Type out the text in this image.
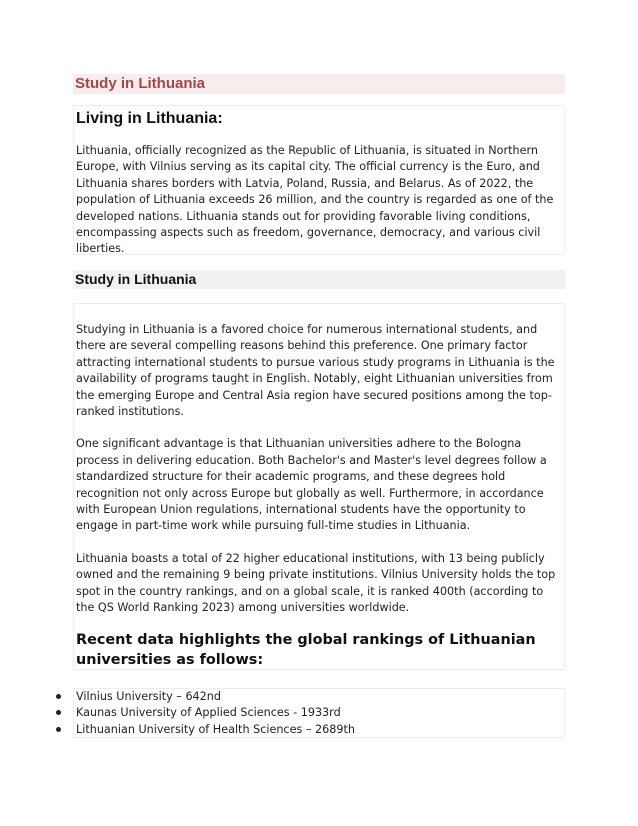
Study in Lithuania
Living in Lithuania:
Lithuania, officially recognized as the Republic of Lithuania, is situated in Northern Europe, with Vilnius serving as its capital city. The official currency is the Euro, and Lithuania shares borders with Latvia, Poland, Russia, and Belarus. As of 2022, the population of Lithuania exceeds 26 million, and the country is regarded as one of the developed nations. Lithuania stands out for providing favorable living conditions, encompassing aspects such as freedom, governance, democracy, and various civil liberties.
Study in Lithuania

Studying in Lithuania is a favored choice for numerous international students, and there are several compelling reasons behind this preference. One primary factor attracting international students to pursue various study programs in Lithuania is the availability of programs taught in English. Notably, eight Lithuanian universities from the emerging Europe and Central Asia region have secured positions among the top-ranked institutions.

One significant advantage is that Lithuanian universities adhere to the Bologna process in delivering education. Both Bachelor's and Master's level degrees follow a standardized structure for their academic programs, and these degrees hold recognition not only across Europe but globally as well. Furthermore, in accordance with European Union regulations, international students have the opportunity to engage in part-time work while pursuing full-time studies in Lithuania.

Lithuania boasts a total of 22 higher educational institutions, with 13 being publicly owned and the remaining 9 being private institutions. Vilnius University holds the top spot in the country rankings, and on a global scale, it is ranked 400th (according to the QS World Ranking 2023) among universities worldwide.

Recent data highlights the global rankings of Lithuanian universities as follows:
Vilnius University – 642nd
Kaunas University of Applied Sciences - 1933rd
Lithuanian University of Health Sciences – 2689th
